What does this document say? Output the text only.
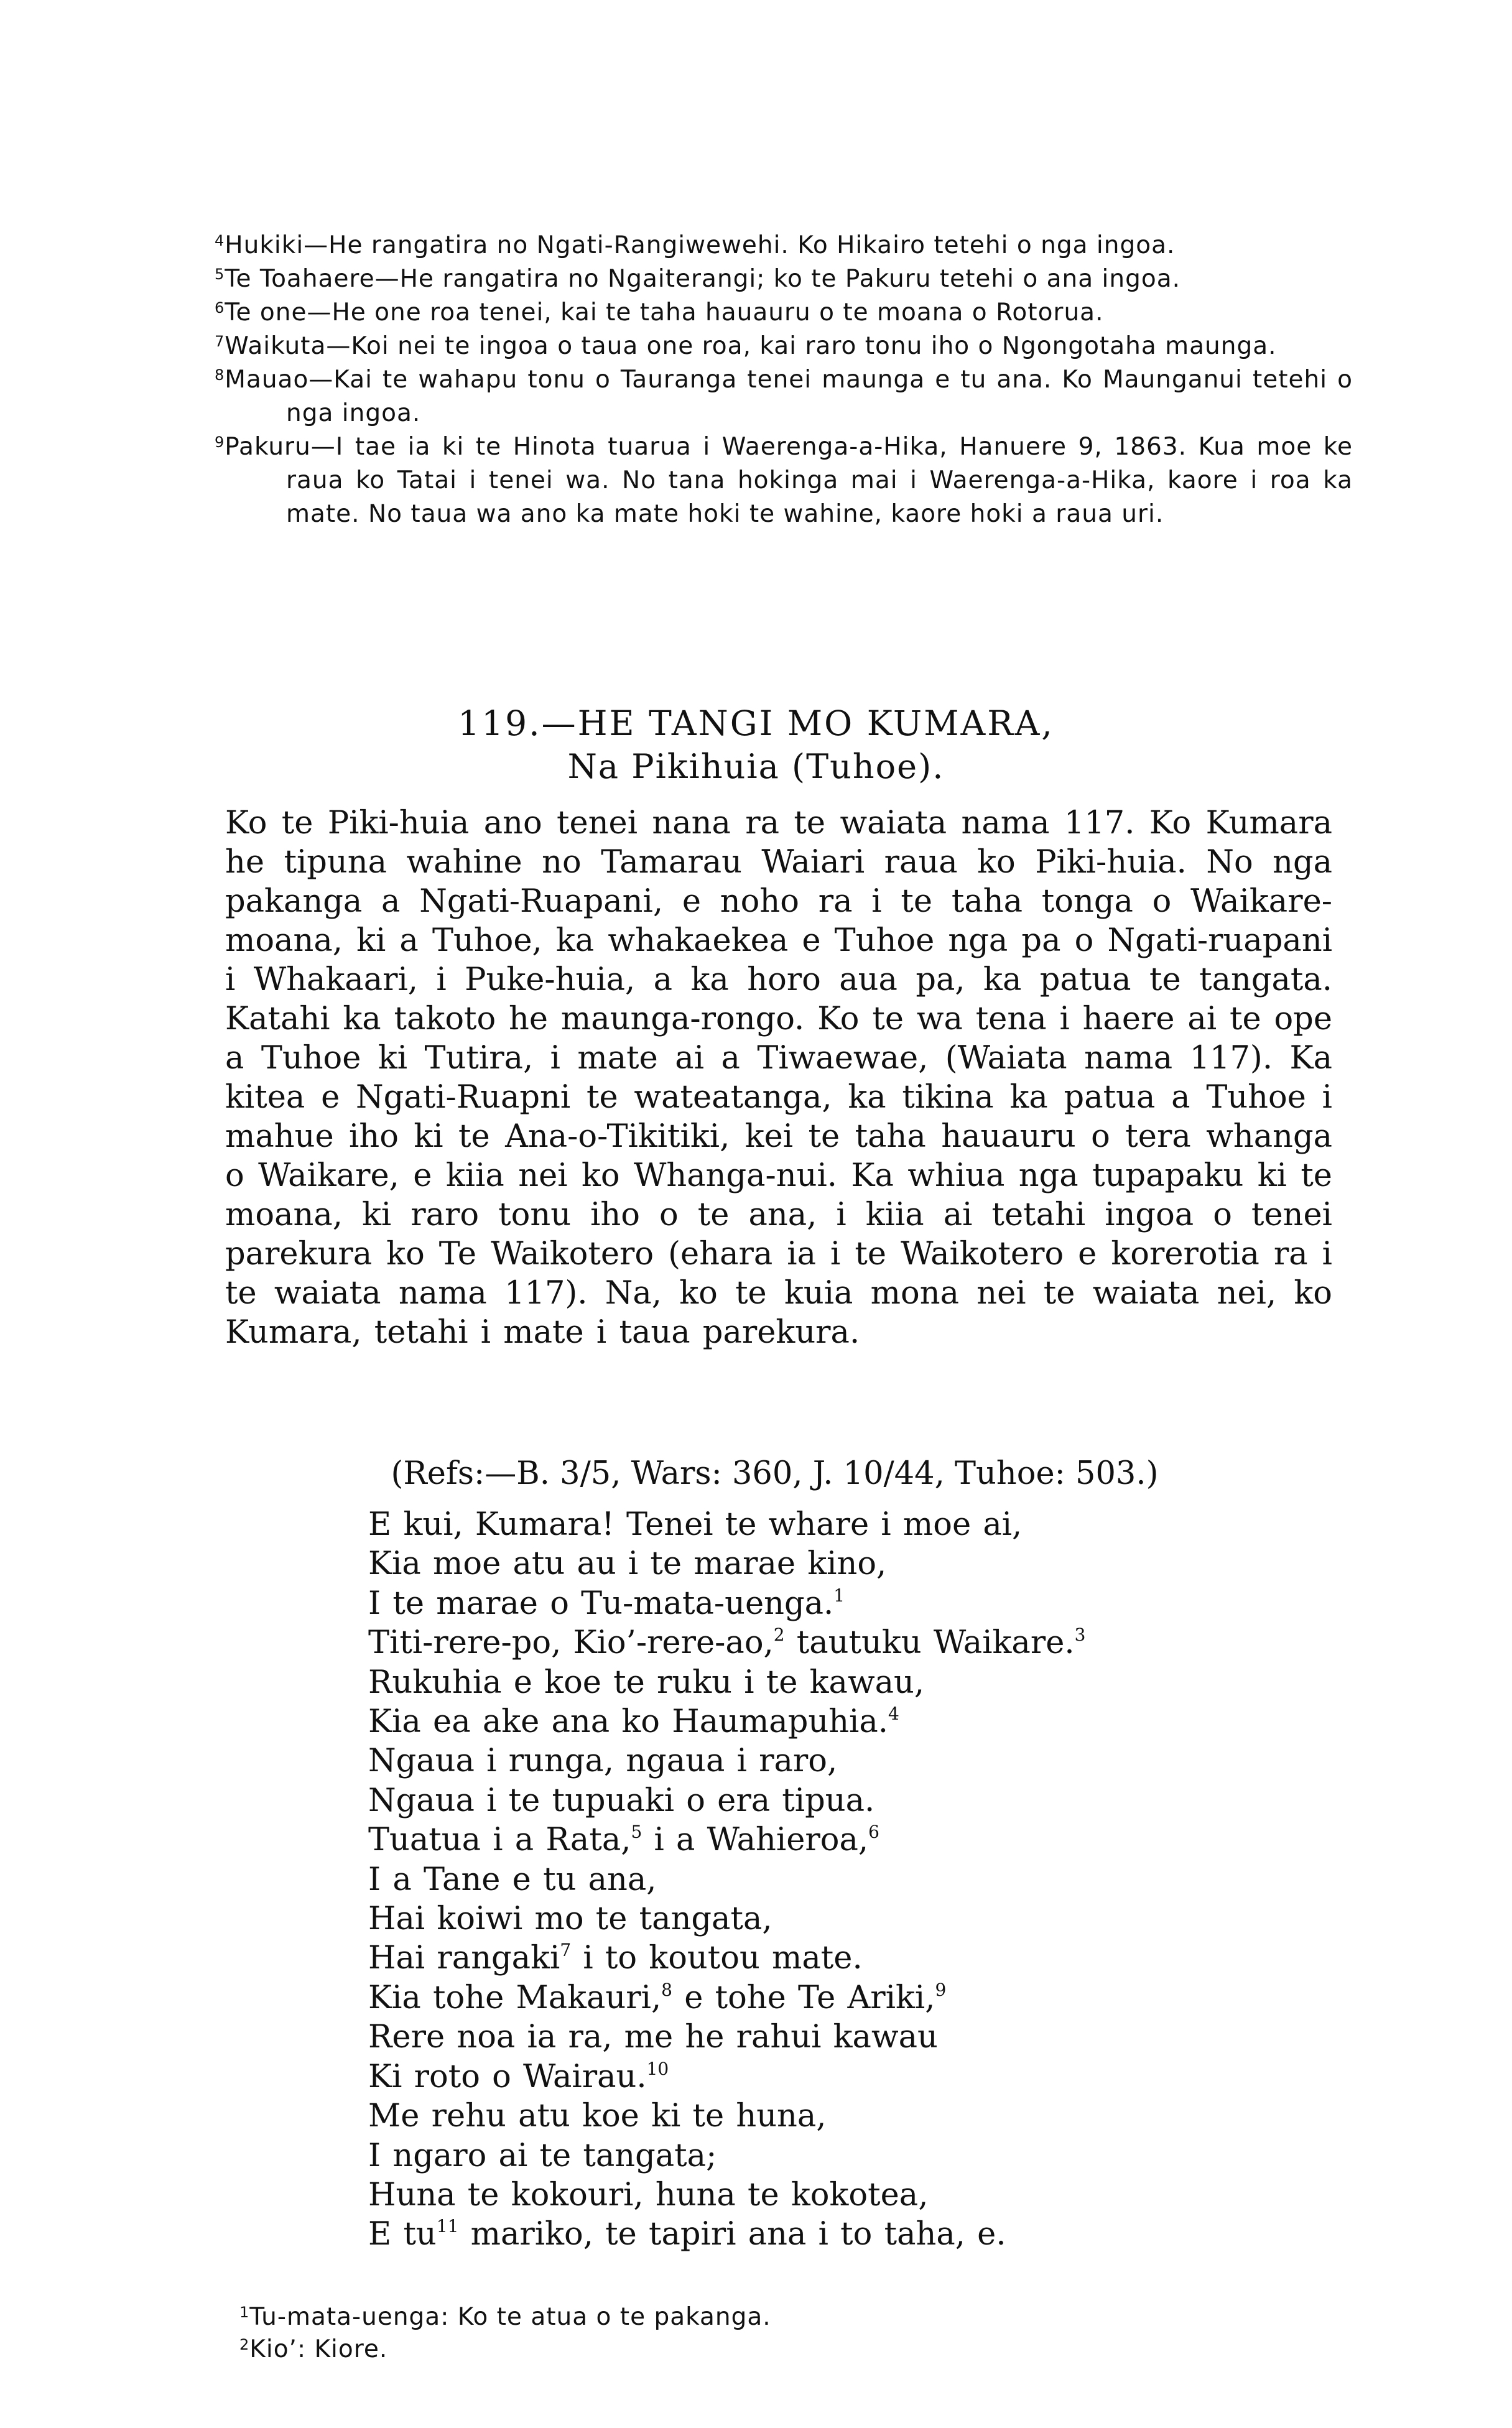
$^4$Hukiki—He rangatira no Ngati-Rangiwewehi. Ko Hikairo tetehi o nga ingoa.
$^5$Te Toahaere—He rangatira no Ngaiterangi; ko te Pakuru tetehi o ana ingoa.
$^6$Te one—He one roa tenei, kai te taha hauauru o te moana o Rotorua.
$^7$Waikuta—Koi nei te ingoa o taua one roa, kai raro tonu iho o Ngongotaha maunga.
$^8$Mauao—Kai te wahapu tonu o Tauranga tenei maunga e tu ana. Ko Maunganui tetehi o nga ingoa.
$^9$Pakuru—I tae ia ki te Hinota tuarua i Waerenga-a-Hika, Hanuere 9, 1863. Kua moe ke raua ko Tatai i tenei wa. No tana hokinga mai i Waerenga-a-Hika, kaore i roa ka mate. No taua wa ano ka mate hoki te wahine, kaore hoki a raua uri.
119.—HE TANGI MO KUMARA,
Na Pikihuia (Tuhoe).
Ko te Piki-huia ano tenei nana ra te waiata nama 117. Ko Kumara he tipuna wahine no Tamarau Waiari raua ko Piki-huia. No nga pakanga a Ngati-Ruapani, e noho ra i te taha tonga o Waikare-moana, ki a Tuhoe, ka whakaekea e Tuhoe nga pa o Ngati-ruapani i Whakaari, i Puke-huia, a ka horo aua pa, ka patua te tangata. Katahi ka takoto he maunga-rongo. Ko te wa tena i haere ai te ope a Tuhoe ki Tutira, i mate ai a Tiwaewae, (Waiata nama 117). Ka kitea e Ngati-Ruapni te wateatanga, ka tikina ka patua a Tuhoe i mahue iho ki te Ana-o-Tikitiki, kei te taha hauauru o tera whanga o Waikare, e kiia nei ko Whanga-nui. Ka whiua nga tupapaku ki te moana, ki raro tonu iho o te ana, i kiia ai tetahi ingoa o tenei parekura ko Te Waikotero (ehara ia i te Waikotero e korerotia ra i te waiata nama 117). Na, ko te kuia mona nei te waiata nei, ko Kumara, tetahi i mate i taua parekura.
(Refs:—B. 3/5, Wars: 360, J. 10/44, Tuhoe: 503.)
E kui, Kumara! Tenei te whare i moe ai,
Kia moe atu au i te marae kino,
I te marae o Tu-mata-uenga.$^1$
Titi-rere-po, Kio’-rere-ao,$^2$ tautuku Waikare.$^3$
Rukuhia e koe te ruku i te kawau,
Kia ea ake ana ko Haumapuhia.$^4$
Ngaua i runga, ngaua i raro,
Ngaua i te tupuaki o era tipua.
Tuatua i a Rata,$^5$ i a Wahieroa,$^6$
I a Tane e tu ana,
Hai koiwi mo te tangata,
Hai rangaki$^7$ i to koutou mate.
Kia tohe Makauri,$^8$ e tohe Te Ariki,$^9$
Rere noa ia ra, me he rahui kawau
Ki roto o Wairau.$^{10}$
Me rehu atu koe ki te huna,
I ngaro ai te tangata;
Huna te kokouri, huna te kokotea,
E $tu^{11}$ mariko, te tapiri ana i to taha, e.
$^1$Tu-mata-uenga: Ko te atua o te pakanga.
$^2$Kio’: Kiore.
